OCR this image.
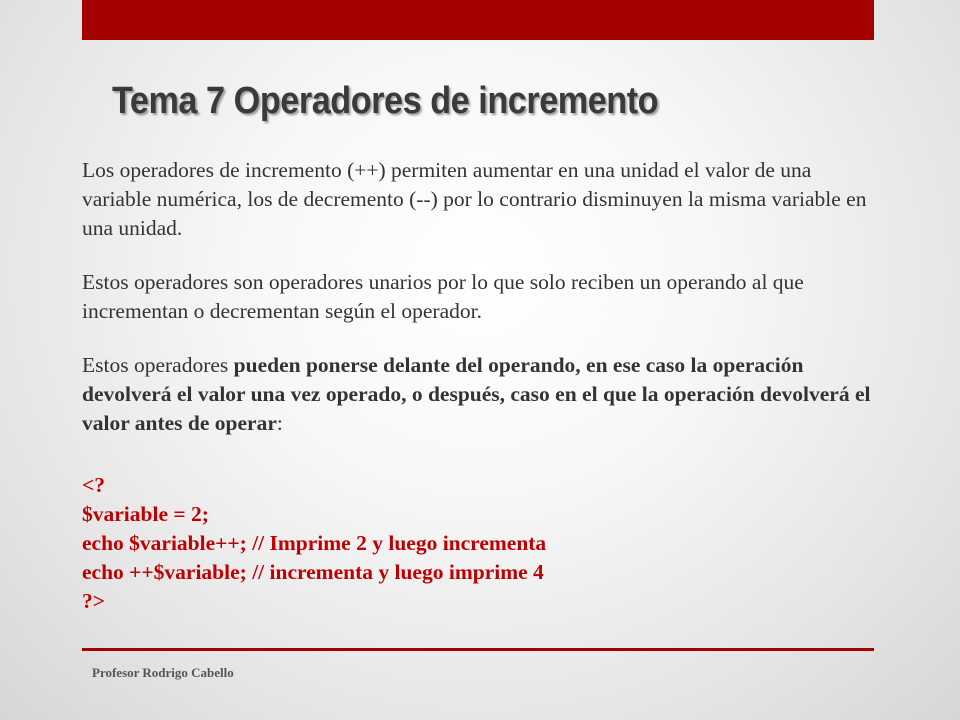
Tema 7 Operadores de incremento

Los operadores de incremento (++) permiten aumentar en una unidad el valor de una variable numérica, los de decremento (--) por lo contrario disminuyen la misma variable en una unidad.

Estos operadores son operadores unarios por lo que solo reciben un operando al que incrementan o decrementan según el operador.

Estos operadores pueden ponerse delante del operando, en ese caso la operación devolverá el valor una vez operado, o después, caso en el que la operación devolverá el valor antes de operar:

<?
$variable = 2;
echo $variable++; // Imprime 2 y luego incrementa
echo ++$variable; // incrementa y luego imprime 4
?>
Profesor Rodrigo Cabello
